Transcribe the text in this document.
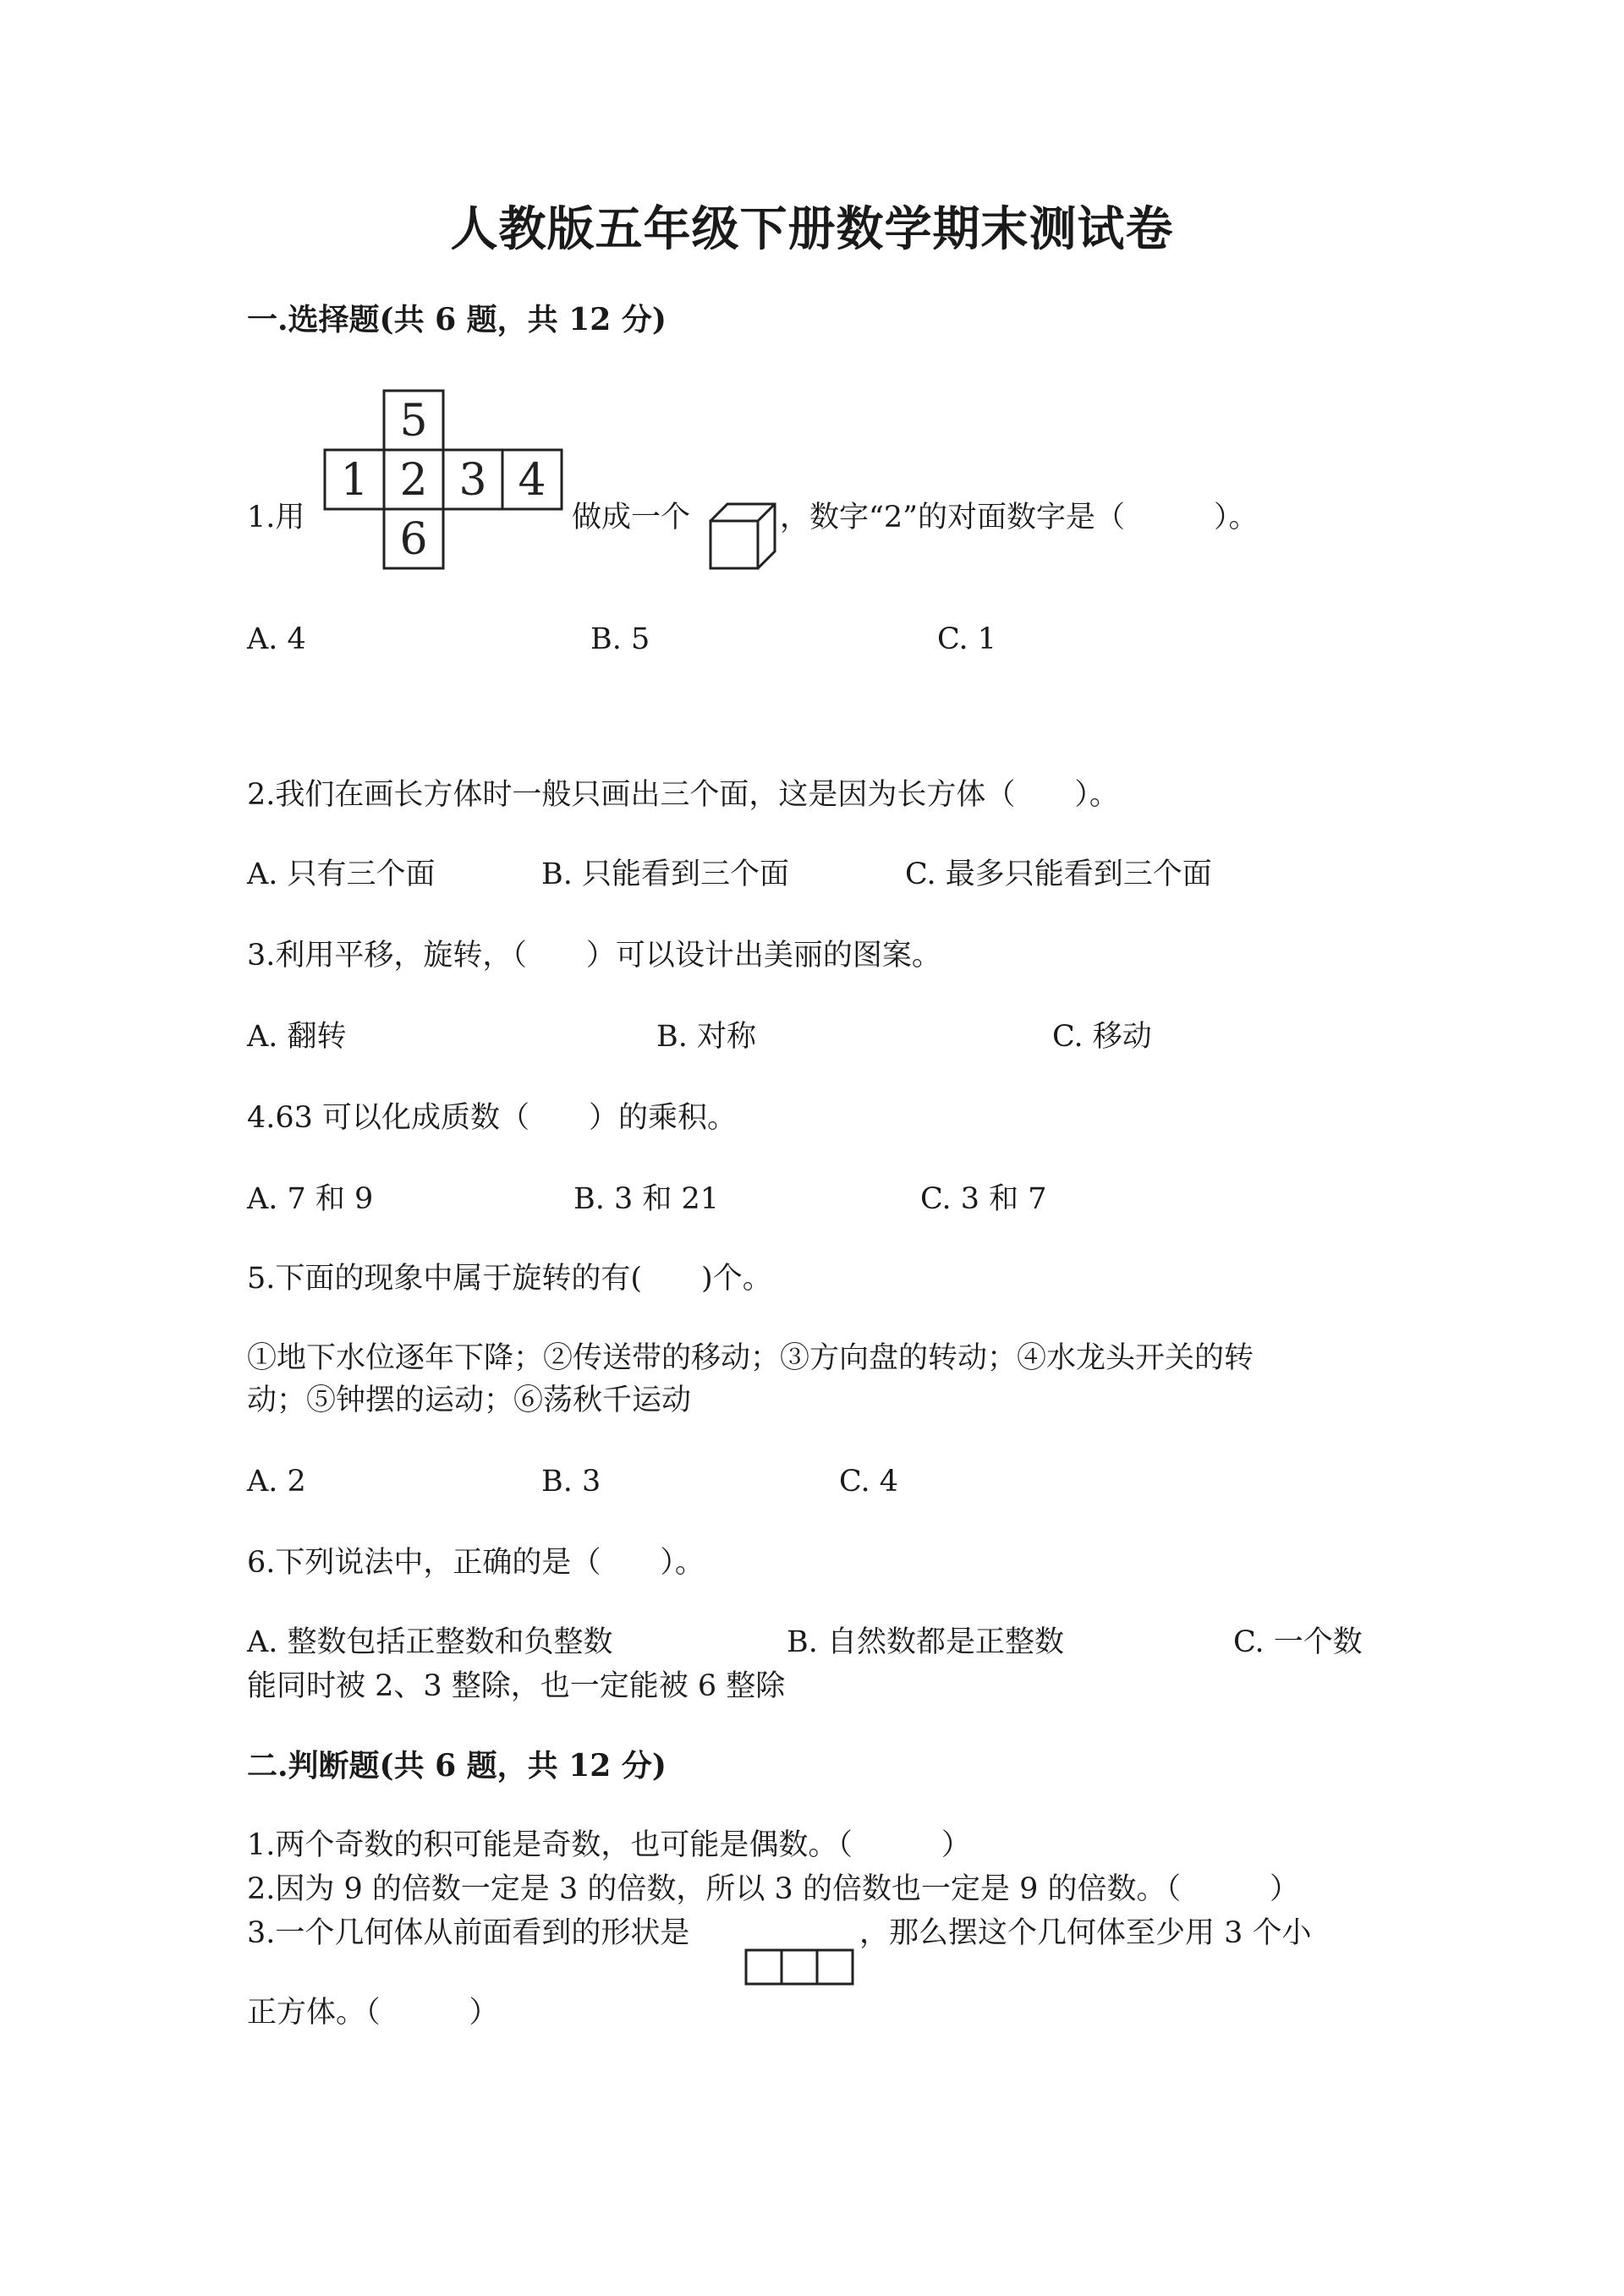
人教版五年级下册数学期末测试卷
一.选择题(共 6 题，共 12 分)
1.用
5
1 2 3 4
6	做成一个	，数字“2”的对面数字是（　　　）。
A. 4	B. 5	C. 1
2.我们在画长方体时一般只画出三个面，这是因为长方体（　　）。
A. 只有三个面	B. 只能看到三个面	C. 最多只能看到三个面
3.利用平移，旋转，（　　）可以设计出美丽的图案。
A. 翻转	B. 对称	C. 移动
4.63 可以化成质数（　　）的乘积。
A. 7 和 9	B. 3 和 21	C. 3 和 7
5.下面的现象中属于旋转的有(　　)个。
①地下水位逐年下降；②传送带的移动；③方向盘的转动；④水龙头开关的转
动；⑤钟摆的运动；⑥荡秋千运动
A. 2	B. 3	C. 4
6.下列说法中，正确的是（　　）。
A. 整数包括正整数和负整数	B. 自然数都是正整数	C. 一个数
能同时被 2、3 整除，也一定能被 6 整除
二.判断题(共 6 题，共 12 分)
1.两个奇数的积可能是奇数，也可能是偶数。（　　　）
2.因为 9 的倍数一定是 3 的倍数，所以 3 的倍数也一定是 9 的倍数。（　　　）
3.一个几何体从前面看到的形状是	，那么摆这个几何体至少用 3 个小
正方体。（　　　）
